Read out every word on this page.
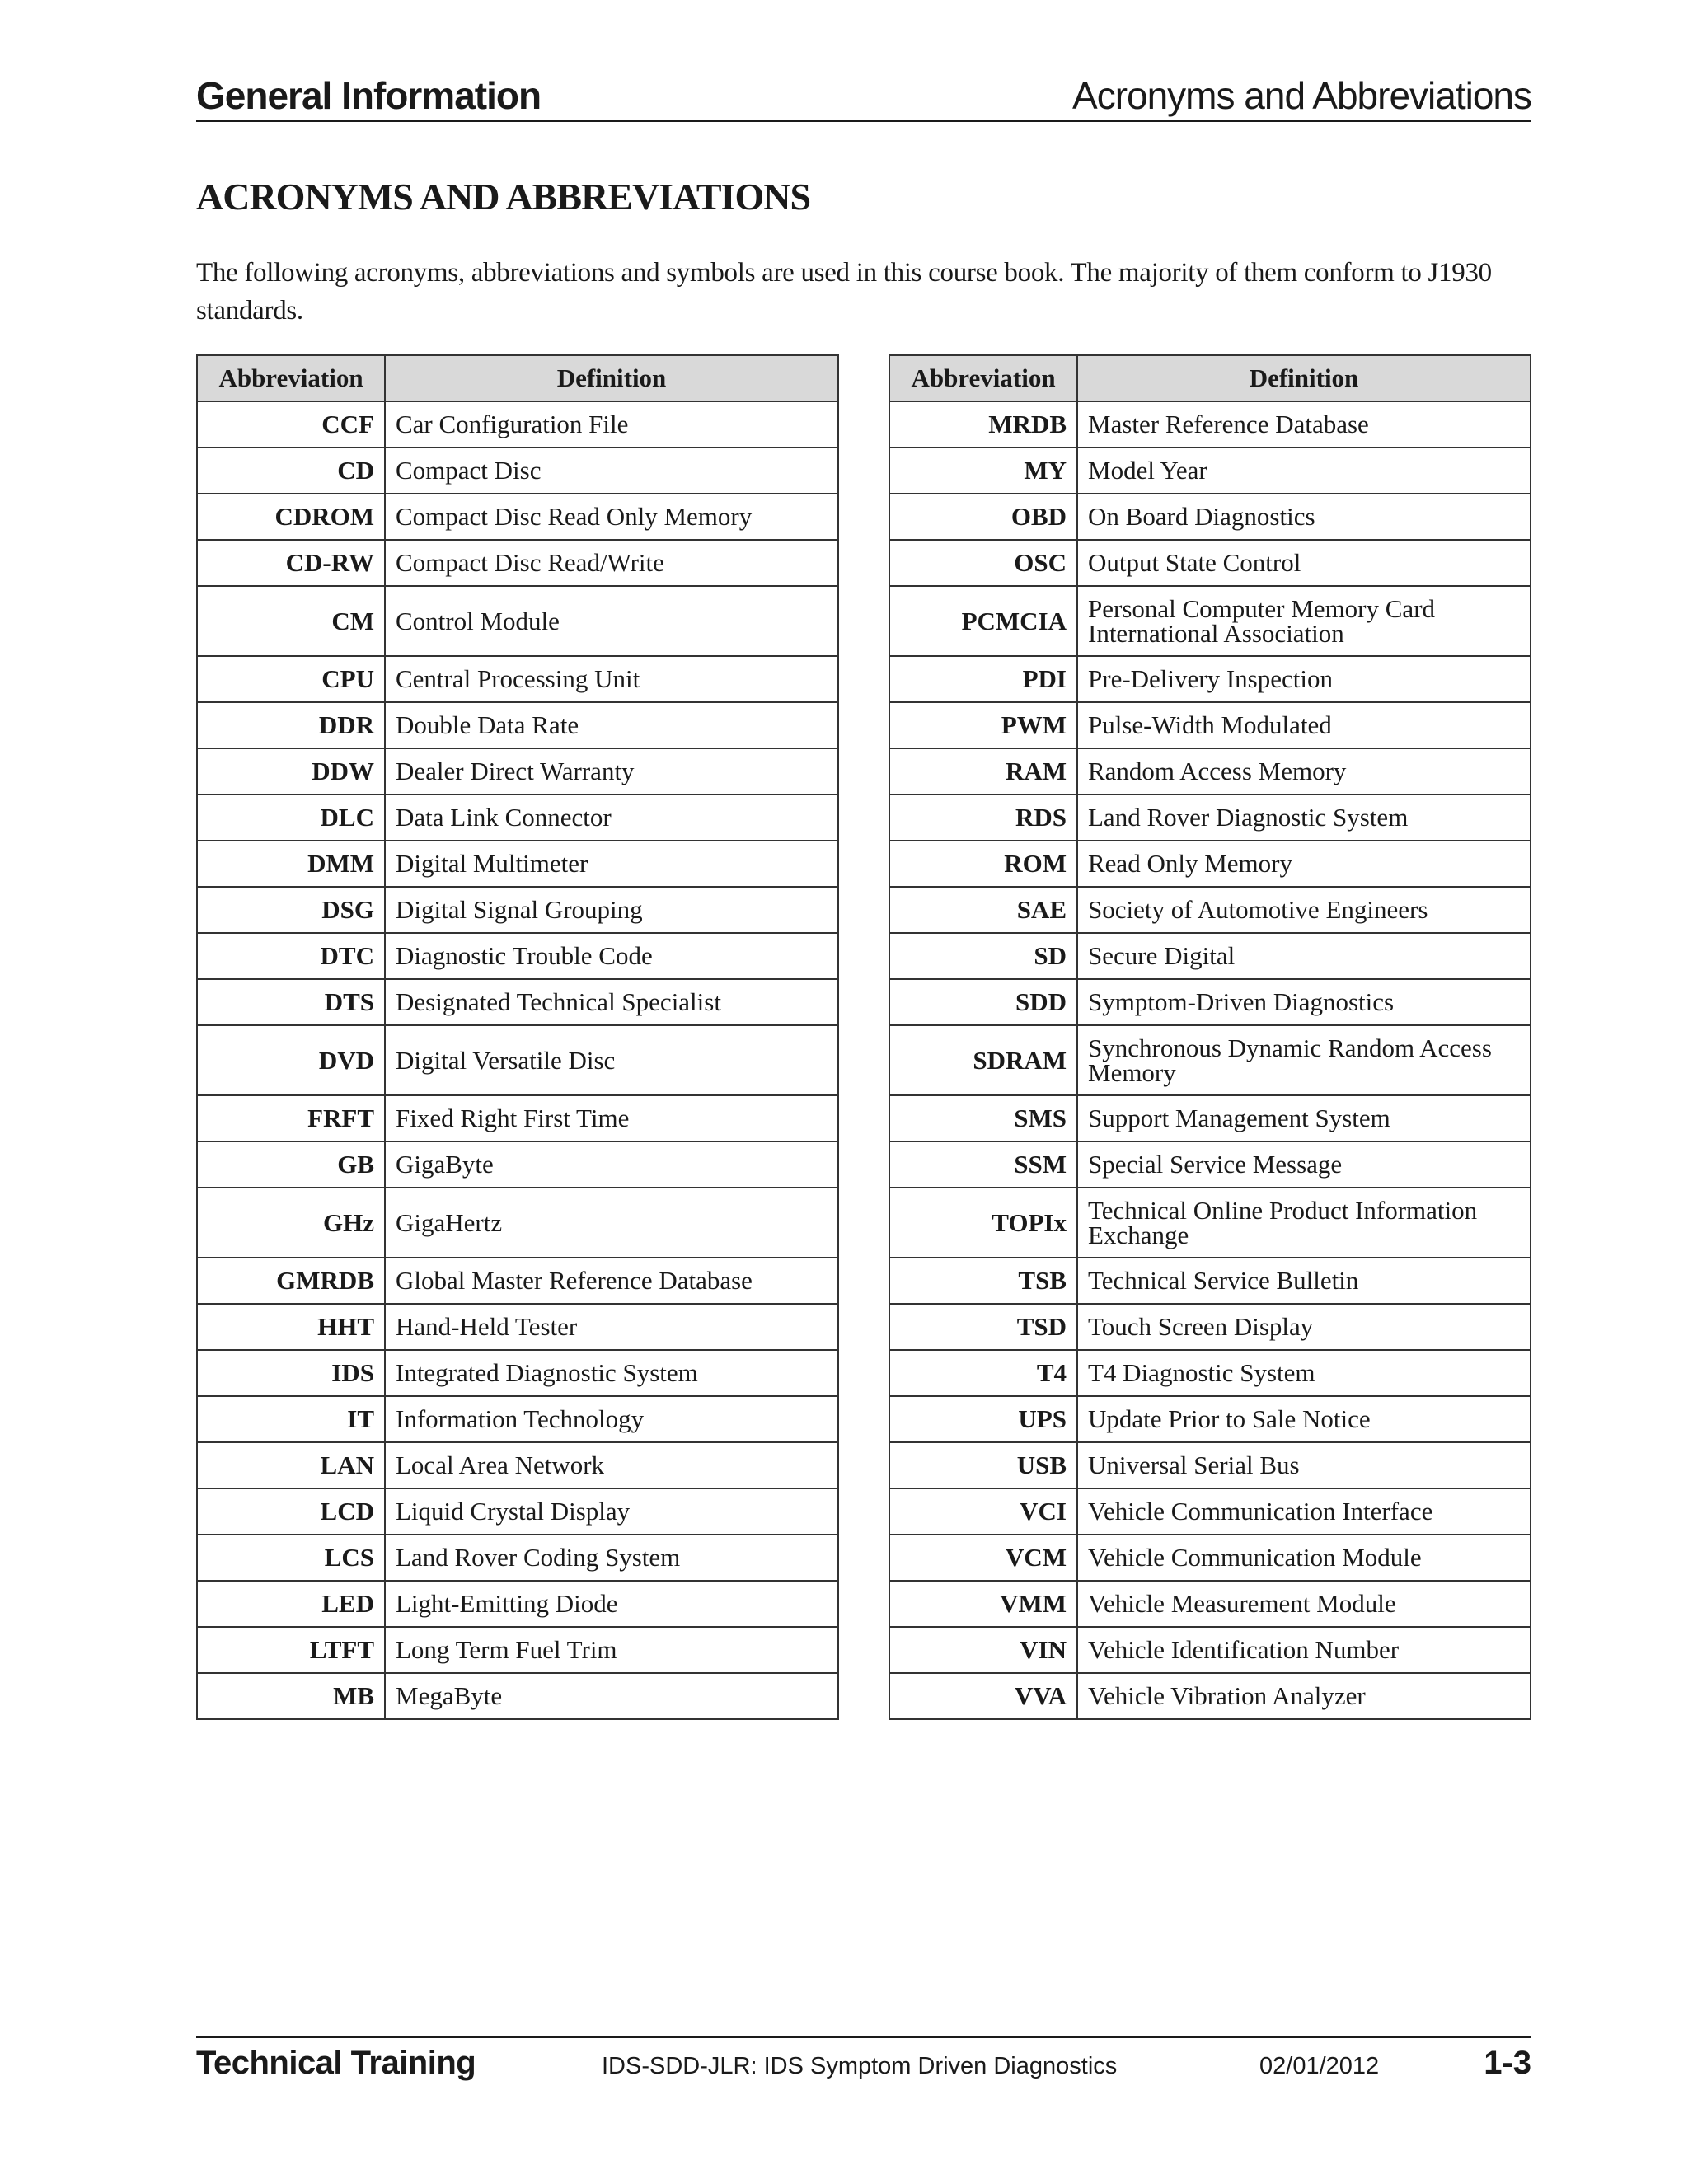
General Information	Acronyms and Abbreviations
ACRONYMS AND ABBREVIATIONS

The following acronyms, abbreviations and symbols are used in this course book. The majority of them conform to J1930 standards.

Abbreviation	Definition
CCF	Car Configuration File
CD	Compact Disc
CDROM	Compact Disc Read Only Memory
CD-RW	Compact Disc Read/Write
CM	Control Module
CPU	Central Processing Unit
DDR	Double Data Rate
DDW	Dealer Direct Warranty
DLC	Data Link Connector
DMM	Digital Multimeter
DSG	Digital Signal Grouping
DTC	Diagnostic Trouble Code
DTS	Designated Technical Specialist
DVD	Digital Versatile Disc
FRFT	Fixed Right First Time
GB	GigaByte
GHz	GigaHertz
GMRDB	Global Master Reference Database
HHT	Hand-Held Tester
IDS	Integrated Diagnostic System
IT	Information Technology
LAN	Local Area Network
LCD	Liquid Crystal Display
LCS	Land Rover Coding System
LED	Light-Emitting Diode
LTFT	Long Term Fuel Trim
MB	MegaByte
Abbreviation	Definition
MRDB	Master Reference Database
MY	Model Year
OBD	On Board Diagnostics
OSC	Output State Control
PCMCIA	Personal Computer Memory Card International Association
PDI	Pre-Delivery Inspection
PWM	Pulse-Width Modulated
RAM	Random Access Memory
RDS	Land Rover Diagnostic System
ROM	Read Only Memory
SAE	Society of Automotive Engineers
SD	Secure Digital
SDD	Symptom-Driven Diagnostics
SDRAM	Synchronous Dynamic Random Access Memory
SMS	Support Management System
SSM	Special Service Message
TOPIx	Technical Online Product Information Exchange
TSB	Technical Service Bulletin
TSD	Touch Screen Display
T4	T4 Diagnostic System
UPS	Update Prior to Sale Notice
USB	Universal Serial Bus
VCI	Vehicle Communication Interface
VCM	Vehicle Communication Module
VMM	Vehicle Measurement Module
VIN	Vehicle Identification Number
VVA	Vehicle Vibration Analyzer
Technical Training	IDS-SDD-JLR: IDS Symptom Driven Diagnostics	02/01/2012	1-3
